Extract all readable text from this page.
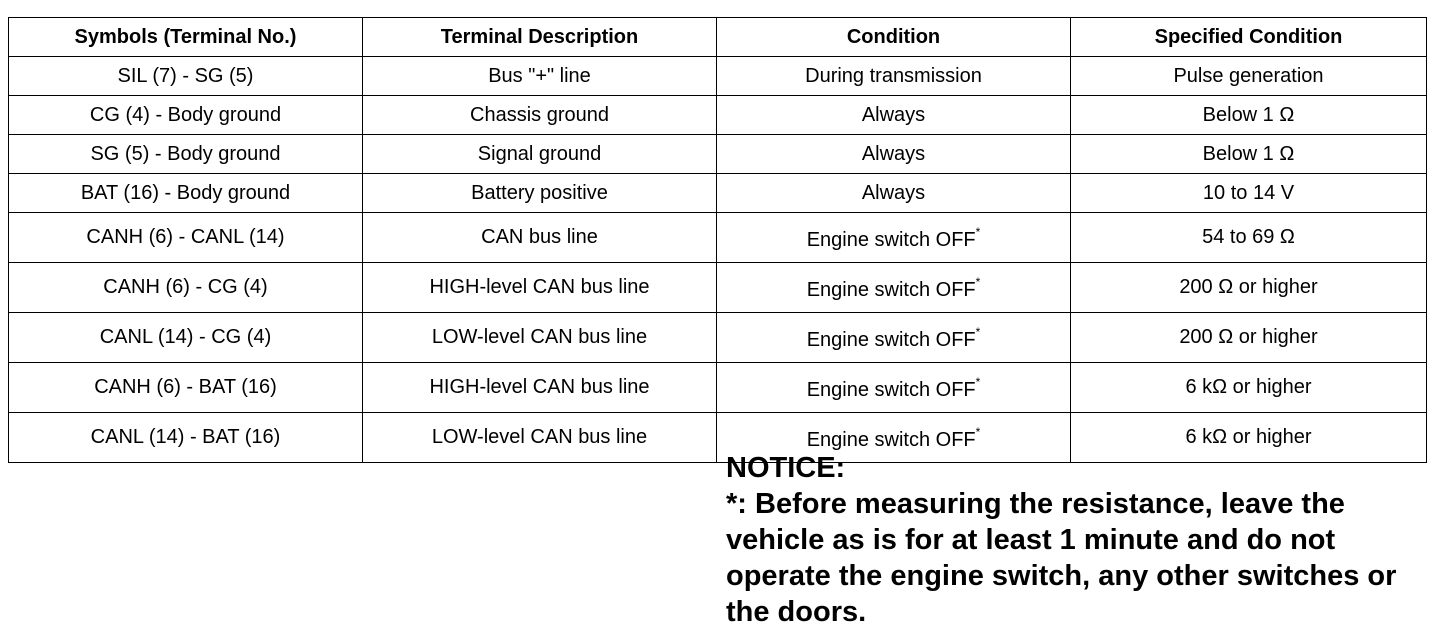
Symbols (Terminal No.)	Terminal Description	Condition	Specified Condition
SIL (7) - SG (5)	Bus "+" line	During transmission	Pulse generation
CG (4) - Body ground	Chassis ground	Always	Below 1 Ω
SG (5) - Body ground	Signal ground	Always	Below 1 Ω
BAT (16) - Body ground	Battery positive	Always	10 to 14 V
CANH (6) - CANL (14)	CAN bus line	Engine switch OFF*	54 to 69 Ω
CANH (6) - CG (4)	HIGH-level CAN bus line	Engine switch OFF*	200 Ω or higher
CANL (14) - CG (4)	LOW-level CAN bus line	Engine switch OFF*	200 Ω or higher
CANH (6) - BAT (16)	HIGH-level CAN bus line	Engine switch OFF*	6 kΩ or higher
CANL (14) - BAT (16)	LOW-level CAN bus line	Engine switch OFF*	6 kΩ or higher
NOTICE:
*: Before measuring the resistance, leave the
vehicle as is for at least 1 minute and do not
operate the engine switch, any other switches or
the doors.
